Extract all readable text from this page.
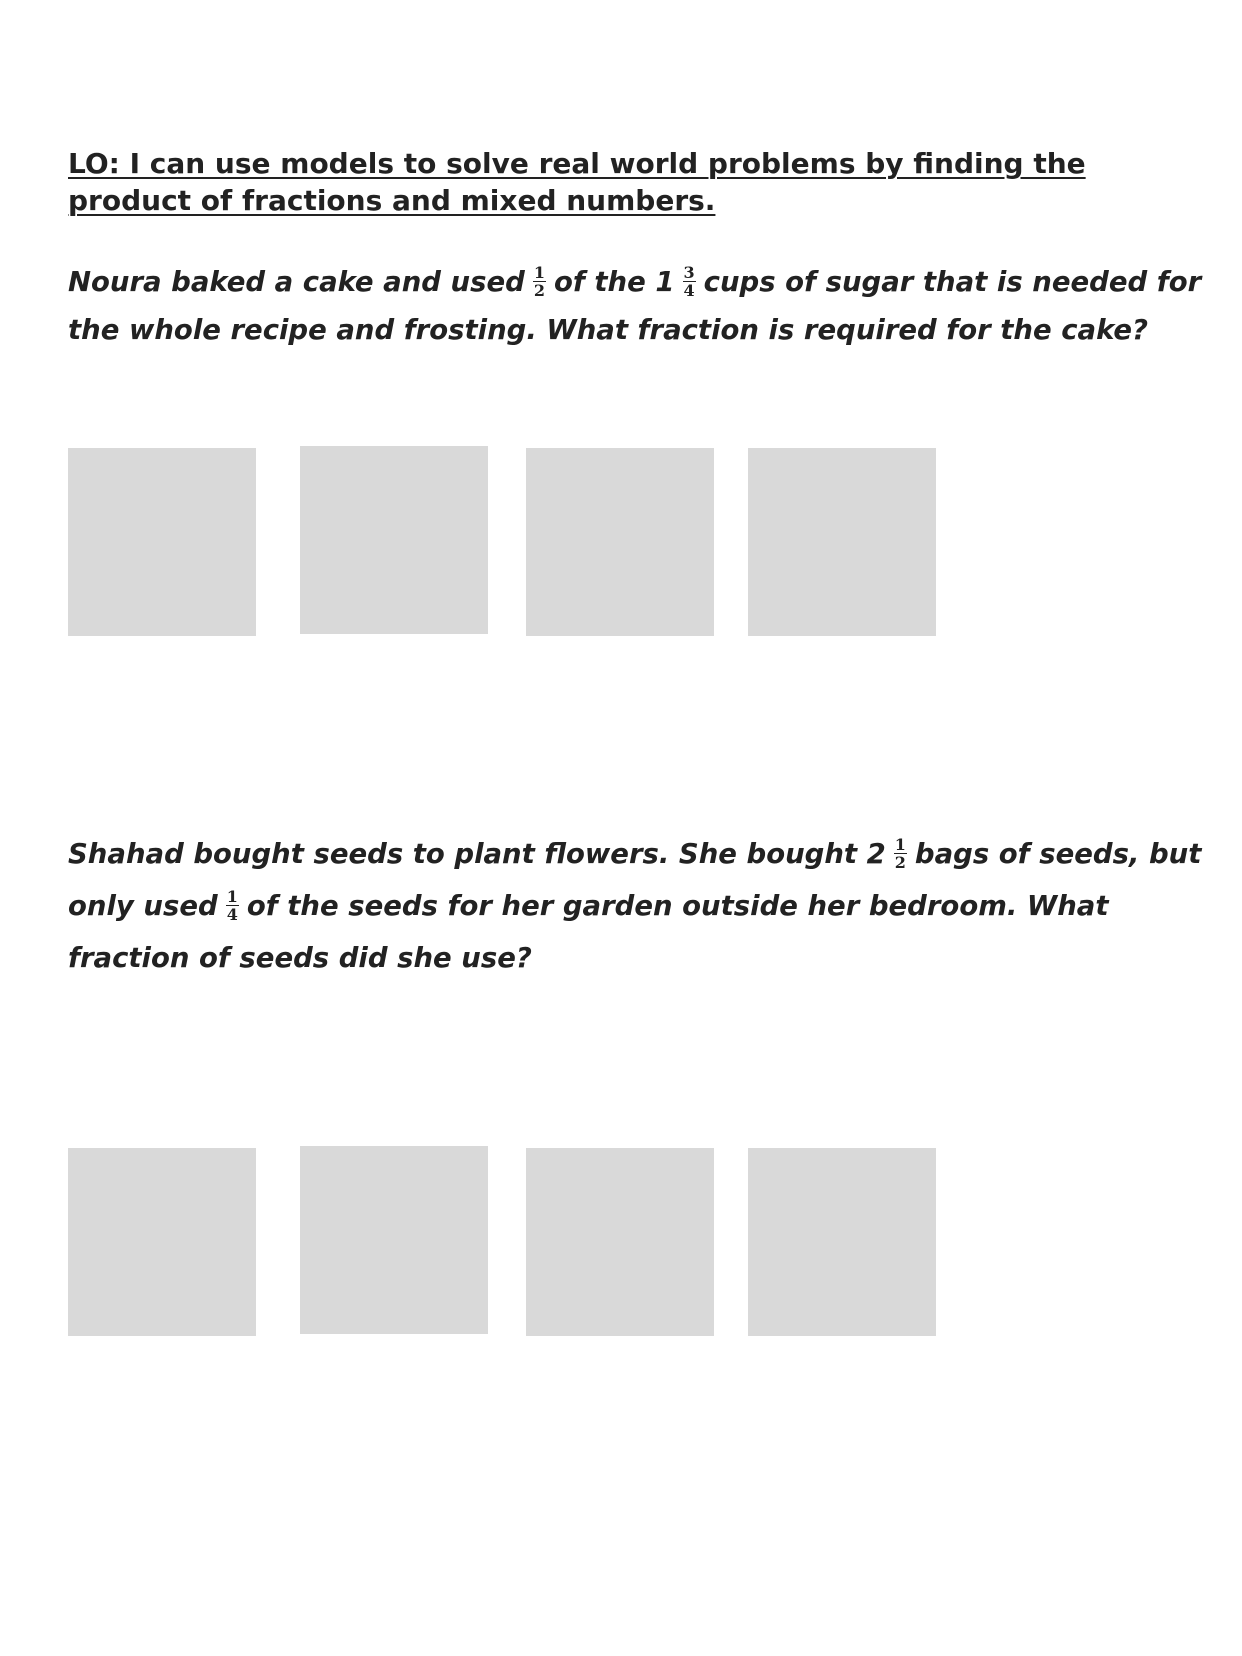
LO: I can use models to solve real world problems by finding the product of fractions and mixed numbers.

Noura baked a cake and used $\frac{1}{2}$ of the $1 \frac{3}{4}$ cups of sugar that is needed for the whole recipe and frosting. What fraction is required for the cake?

Shahad bought seeds to plant flowers. She bought $2 \frac{1}{2}$ bags of seeds, but only used $\frac{1}{4}$ of the seeds for her garden outside her bedroom. What fraction of seeds did she use?
